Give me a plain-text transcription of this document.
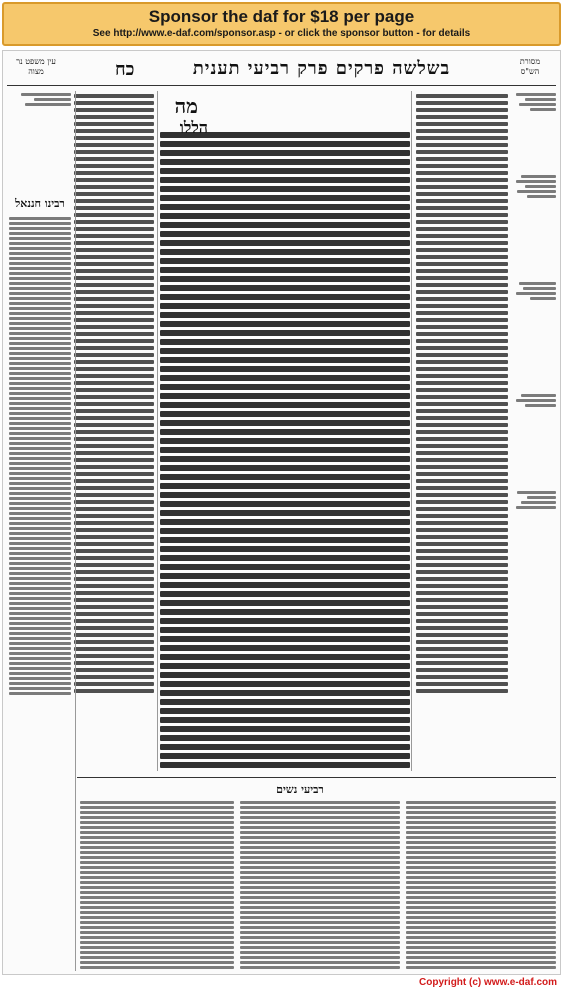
Sponsor the daf for $18 per page
See http://www.e-daf.com/sponsor.asp - or click the sponsor button - for details
מסורת הש"ס
בשלשה פרקים פרק רביעי תענית
כח
עין משפט נר מצוה
מה
הללו
רבינו חננאל
רביעי נשים
Copyright (c) www.e-daf.com
